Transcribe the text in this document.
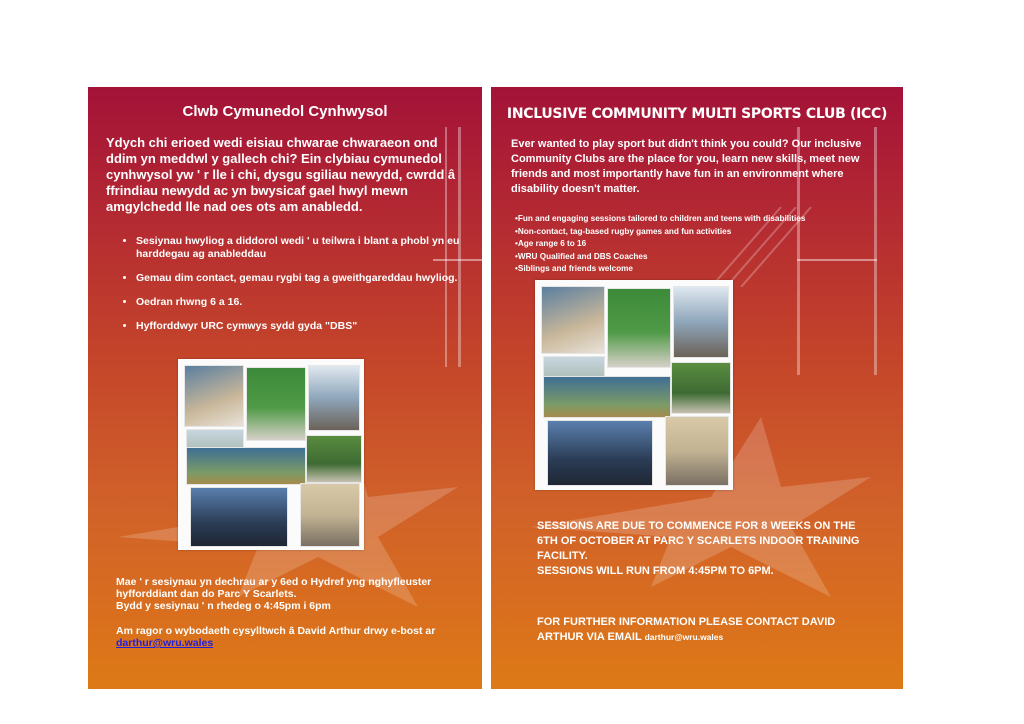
Clwb Cymunedol Cynhwysol
Ydych chi erioed wedi eisiau chwarae chwaraeon ond ddim yn meddwl y gallech chi? Ein clybiau cymunedol cynhwysol yw ' r lle i chi, dysgu sgiliau newydd, cwrdd â ffrindiau newydd ac yn bwysicaf gael hwyl mewn amgylchedd lle nad oes ots am anabledd.
• Sesiynau hwyliog a diddorol wedi ' u teilwra i blant a phobl yn eu harddegau ag anableddau
• Gemau dim contact, gemau rygbi tag a gweithgareddau hwyliog.
• Oedran rhwng 6 a 16.
• Hyfforddwyr URC cymwys sydd gyda "DBS"
Mae ' r sesiynau yn dechrau ar y 6ed o Hydref yng nghyfleuster hyfforddiant dan do Parc Y Scarlets.
Bydd y sesiynau ' n rhedeg o 4:45pm i 6pm
Am ragor o wybodaeth cysylltwch â David Arthur drwy e-bost ar
darthur@wru.wales
INCLUSIVE COMMUNITY MULTI SPORTS CLUB (ICC)
Ever wanted to play sport but didn't think you could? Our inclusive Community Clubs are the place for you, learn new skills, meet new friends and most importantly have fun in an environment where disability doesn't matter.
• Fun and engaging sessions tailored to children and teens with disabilities
• Non-contact, tag-based rugby games and fun activities
• Age range 6 to 16
• WRU Qualified and DBS Coaches
• Siblings and friends welcome
SESSIONS ARE DUE TO COMMENCE FOR 8 WEEKS ON THE 6TH OF OCTOBER AT PARC Y SCARLETS INDOOR TRAINING FACILITY.
SESSIONS WILL RUN FROM 4:45PM TO 6PM.
FOR FURTHER INFORMATION PLEASE CONTACT DAVID ARTHUR VIA EMAIL darthur@wru.wales
